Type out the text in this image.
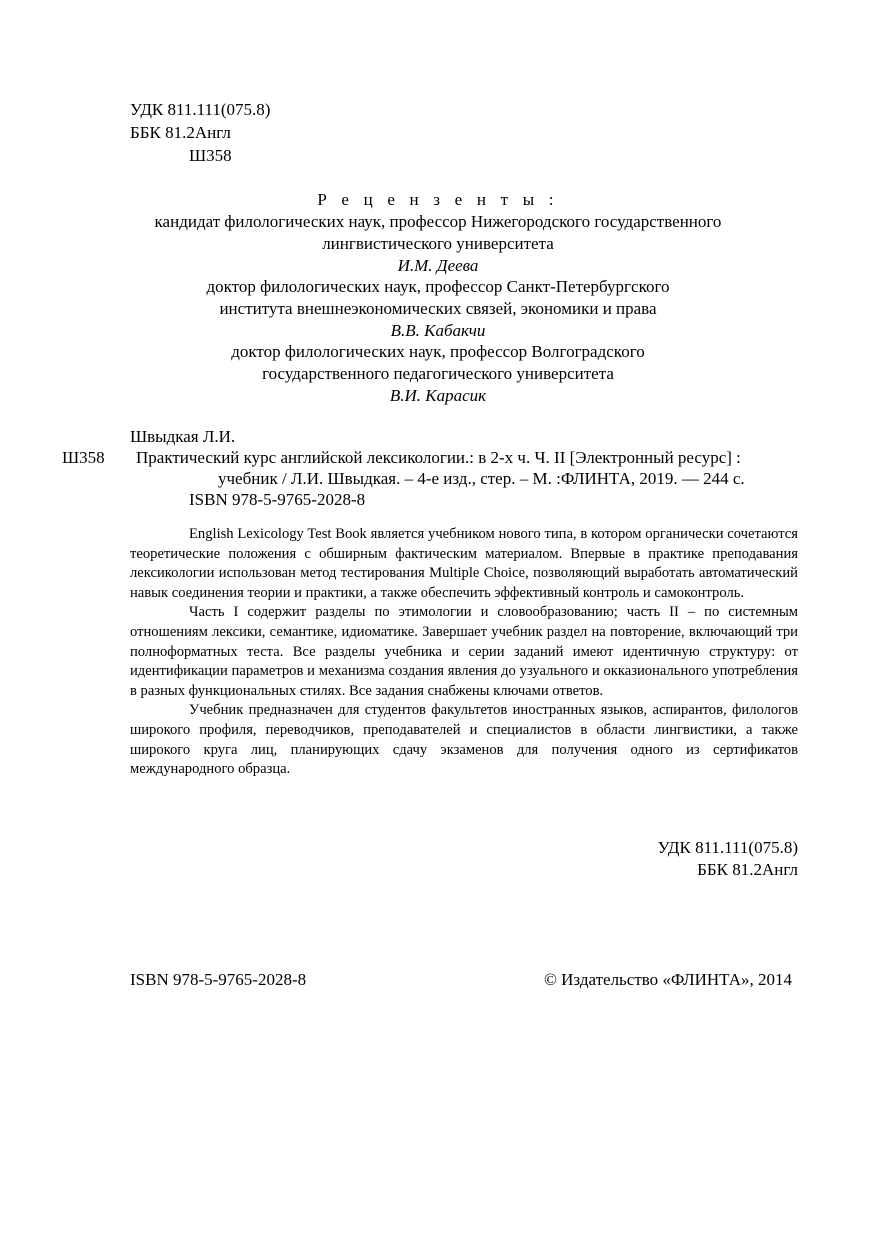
УДК 811.111(075.8)
ББК 81.2Англ
Ш358
Р е ц е н з е н т ы :
кандидат филологических наук, профессор Нижегородского государственного
лингвистического университета
И.М. Деева
доктор филологических наук, профессор Санкт-Петербургского
института внешнеэкономических связей, экономики и права
В.В. Кабакчи
доктор филологических наук, профессор Волгоградского
государственного педагогического университета
В.И. Карасик
Швыдкая Л.И.
Ш358 Практический курс английской лексикологии.: в 2-х ч. Ч. II [Электронный ресурс] :
учебник / Л.И. Швыдкая. – 4-е изд., стер. – М. :ФЛИНТА, 2019. — 244 с.
ISBN 978-5-9765-2028-8

English Lexicology Test Book является учебником нового типа, в котором органически сочетаются теоретические положения с обширным фактическим материалом. Впервые в практике преподавания лексикологии использован метод тестирования Multiple Choice, позволяющий выработать автоматический навык соединения теории и практики, а также обеспечить эффективный контроль и самоконтроль.

Часть I содержит разделы по этимологии и словообразованию; часть II – по системным отношениям лексики, семантике, идиоматике. Завершает учебник раздел на повторение, включающий три полноформатных теста. Все разделы учебника и серии заданий имеют идентичную структуру: от идентификации параметров и механизма создания явления до узуального и окказионального употребления в разных функциональных стилях. Все задания снабжены ключами ответов.

Учебник предназначен для студентов факультетов иностранных языков, аспирантов, филологов широкого профиля, переводчиков, преподавателей и специалистов в области лингвистики, а также широкого круга лиц, планирующих сдачу экзаменов для получения одного из сертификатов международного образца.

УДК 811.111(075.8)
ББК 81.2Англ
ISBN 978-5-9765-2028-8	© Издательство «ФЛИНТА», 2014
